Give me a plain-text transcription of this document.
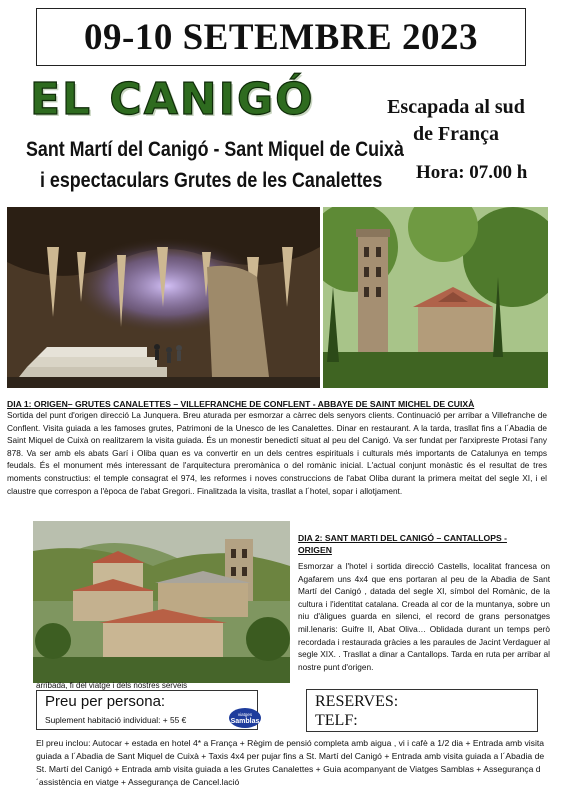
09-10 SETEMBRE 2023
EL CANIGÓ
Sant Martí del Canigó - Sant Miquel de Cuixà
i espectaculars Grutes de les Canalettes
Escapada al sud
de França
Hora: 07.00 h
DIA 1: ORIGEN– GRUTES CANALETTES – VILLEFRANCHE DE CONFLENT - ABBAYE DE SAINT MICHEL DE CUIXÀ
Sortida del punt d'origen direcció La Junquera. Breu aturada per esmorzar a càrrec dels senyors clients. Continuació per arribar a Villefranche de Conflent. Visita guiada a les famoses grutes, Patrimoni de la Unesco de les Canalettes. Dinar en restaurant. A la tarda, trasllat fins a l´Abadia de Saint Miquel de Cuixà on realitzarem la visita guiada. És un monestir benedictí situat al peu del Canigó. Va ser fundat per l'arxipreste Protasi l'any 878. Va ser amb els abats Garí i Oliba quan es va convertir en un dels centres espirituals i culturals més importants de Catalunya en temps feudals. És el monument més interessant de l'arquitectura preromànica o del romànic inicial. L'actual conjunt monàstic és el resultat de tres moments constructius: el temple consagrat el 974, les reformes i noves construccions de l'abat Oliba durant la primera meitat del segle XI, i el claustre que correspon a l'època de l'abat Gregori.. Finalitzada la visita, trasllat a l´hotel, sopar i allotjament.
DIA 2: SANT MARTI DEL CANIGÓ – CANTALLOPS -
ORIGEN
Esmorzar a l'hotel i sortida direcció Castells, localitat francesa on Agafarem uns 4x4 que ens portaran al peu de la Abadia de Sant Martí del Canigó , datada del segle XI, símbol del Romànic, de la cultura i l'identitat catalana. Creada al cor de la muntanya, sobre un niu d'àligues guarda en silenci, el record de grans personatges mil.lenaris: Guifre II, Abat Oliva… Oblidada durant un temps però recordada i restaurada gràcies a les paraules de Jacint Verdaguer al segle XIX. . Trasllat a dinar a Cantallops. Tarda en ruta per arribar al nostre punt d'origen.
arribada, fi del viatge i dels nostres serveis
Preu per persona:
Suplement habitació individual: + 55 €
viatges
Samblas
RESERVES:
TELF:
El preu inclou: Autocar + estada en hotel 4* a França + Règim de pensió completa amb aigua , vi i cafè a 1/2 dia + Entrada amb visita guiada a l´Abadia de Sant Miquel de Cuixà + Taxis 4x4 per pujar fins a St. Martí del Canigó + Entrada amb visita guiada a l´Abadia de St. Martí del Canigó + Entrada amb visita guiada a les Grutes Canalettes + Guia acompanyant de Viatges Samblas + Assegurança d´assistència en viatge + Assegurança de Cancel.lació
